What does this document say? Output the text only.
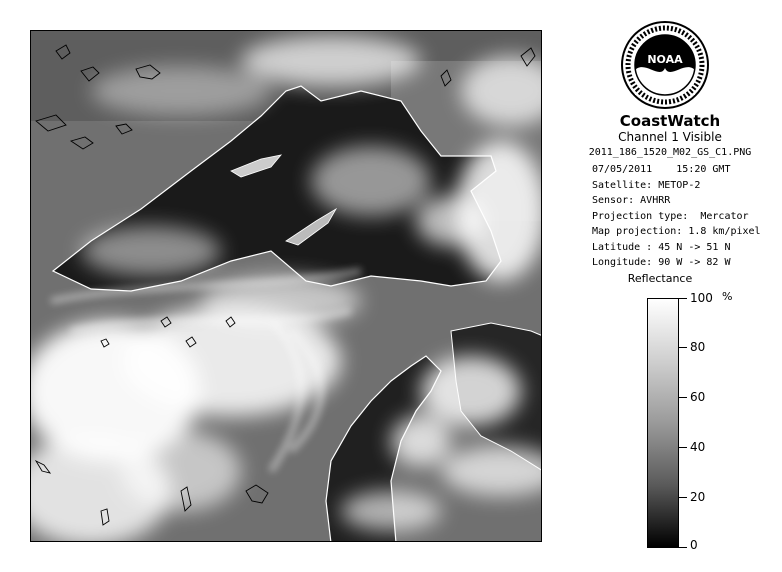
NOAA
CoastWatch
Channel 1 Visible
2011_186_1520_M02_GS_C1.PNG
07/05/2011    15:20 GMT
Satellite: METOP-2
Sensor: AVHRR
Projection type:  Mercator
Map projection: 1.8 km/pixel
Latitude : 45 N -> 51 N
Longitude: 90 W -> 82 W
Reflectance
%
100
80
60
40
20
0
